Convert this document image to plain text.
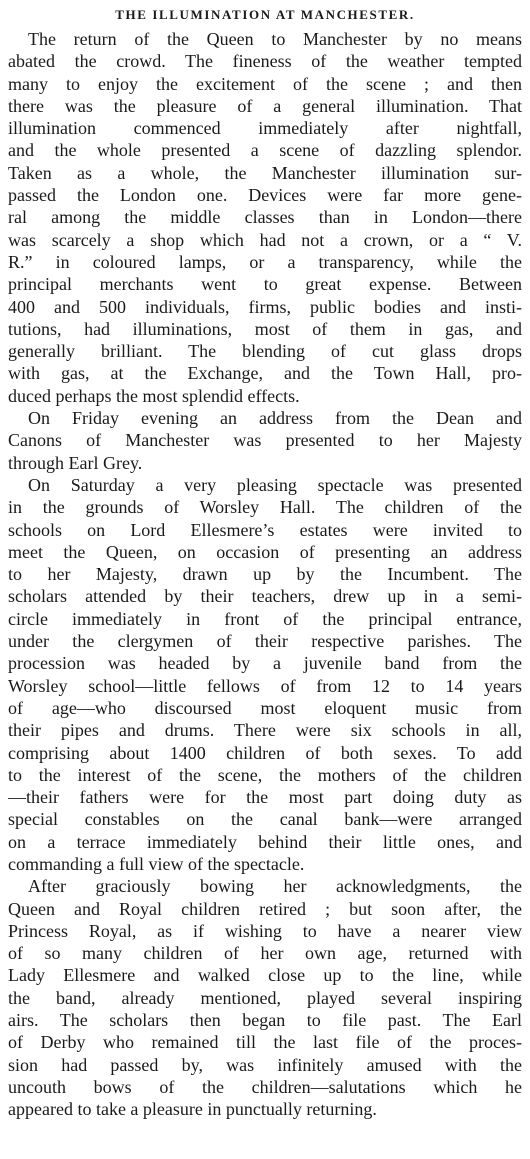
THE ILLUMINATION AT MANCHESTER.
The return of the Queen to Manchester by no means
abated the crowd. The fineness of the weather tempted
many to enjoy the excitement of the scene ; and then
there was the pleasure of a general illumination. That
illumination commenced immediately after nightfall,
and the whole presented a scene of dazzling splendor.
Taken as a whole, the Manchester illumination sur-
passed the London one. Devices were far more gene-
ral among the middle classes than in London—there
was scarcely a shop which had not a crown, or a “ V.
R.” in coloured lamps, or a transparency, while the
principal merchants went to great expense. Between
400 and 500 individuals, firms, public bodies and insti-
tutions, had illuminations, most of them in gas, and
generally brilliant. The blending of cut glass drops
with gas, at the Exchange, and the Town Hall, pro-
duced perhaps the most splendid effects.
On Friday evening an address from the Dean and
Canons of Manchester was presented to her Majesty
through Earl Grey.
On Saturday a very pleasing spectacle was presented
in the grounds of Worsley Hall. The children of the
schools on Lord Ellesmere’s estates were invited to
meet the Queen, on occasion of presenting an address
to her Majesty, drawn up by the Incumbent. The
scholars attended by their teachers, drew up in a semi-
circle immediately in front of the principal entrance,
under the clergymen of their respective parishes. The
procession was headed by a juvenile band from the
Worsley school—little fellows of from 12 to 14 years
of age—who discoursed most eloquent music from
their pipes and drums. There were six schools in all,
comprising about 1400 children of both sexes. To add
to the interest of the scene, the mothers of the children
—their fathers were for the most part doing duty as
special constables on the canal bank—were arranged
on a terrace immediately behind their little ones, and
commanding a full view of the spectacle.
After graciously bowing her acknowledgments, the
Queen and Royal children retired ; but soon after, the
Princess Royal, as if wishing to have a nearer view
of so many children of her own age, returned with
Lady Ellesmere and walked close up to the line, while
the band, already mentioned, played several inspiring
airs. The scholars then began to file past. The Earl
of Derby who remained till the last file of the proces-
sion had passed by, was infinitely amused with the
uncouth bows of the children—salutations which he
appeared to take a pleasure in punctually returning.
